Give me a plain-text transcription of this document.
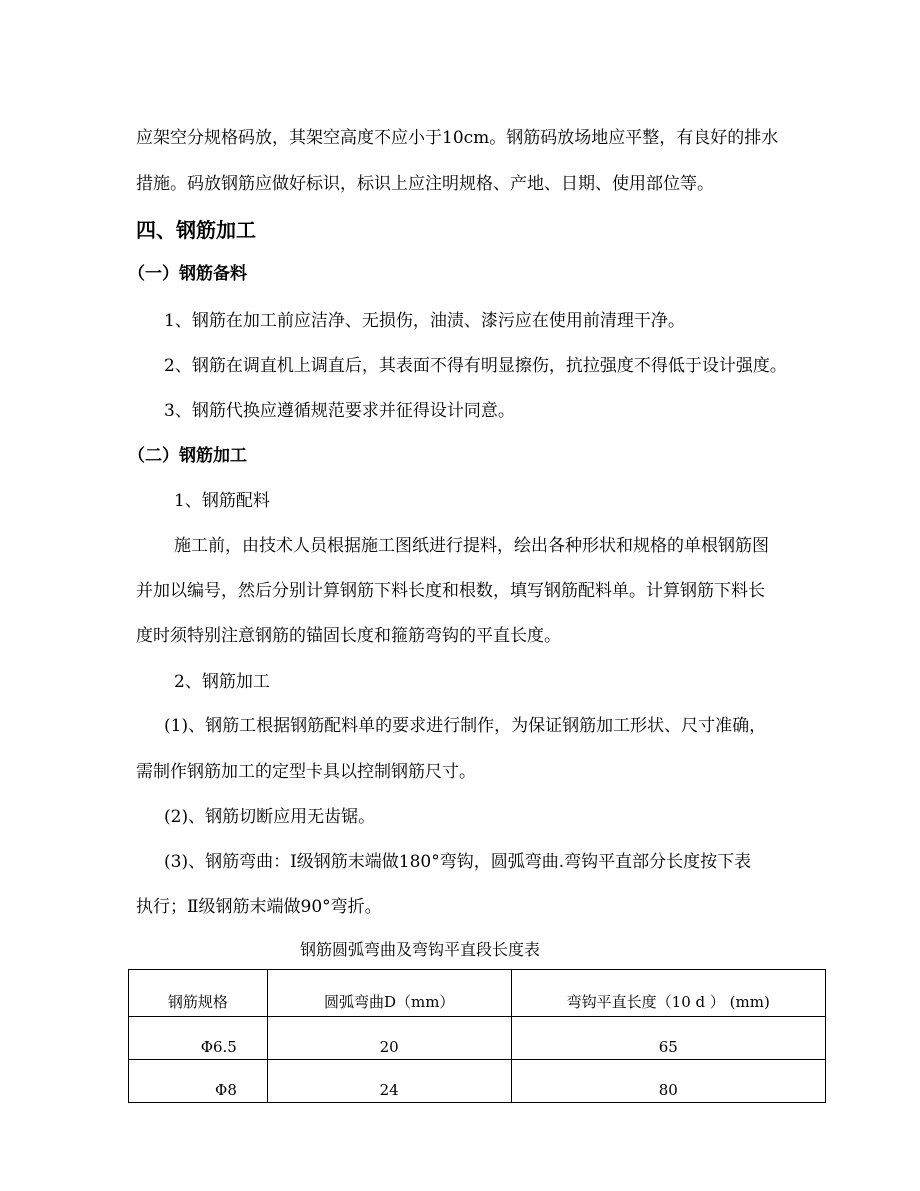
应架空分规格码放，其架空高度不应小于10cm。钢筋码放场地应平整，有良好的排水
措施。码放钢筋应做好标识，标识上应注明规格、产地、日期、使用部位等。
四、钢筋加工
（一）钢筋备料
1、钢筋在加工前应洁净、无损伤，油渍、漆污应在使用前清理干净。
2、钢筋在调直机上调直后，其表面不得有明显擦伤，抗拉强度不得低于设计强度。
3、钢筋代换应遵循规范要求并征得设计同意。
（二）钢筋加工
1、钢筋配料
施工前，由技术人员根据施工图纸进行提料，绘出各种形状和规格的单根钢筋图
并加以编号，然后分别计算钢筋下料长度和根数，填写钢筋配料单。计算钢筋下料长
度时须特别注意钢筋的锚固长度和箍筋弯钩的平直长度。
2、钢筋加工
(1)、钢筋工根据钢筋配料单的要求进行制作，为保证钢筋加工形状、尺寸准确，
需制作钢筋加工的定型卡具以控制钢筋尺寸。
(2)、钢筋切断应用无齿锯。
(3)、钢筋弯曲：Ⅰ级钢筋末端做180°弯钩，圆弧弯曲.弯钩平直部分长度按下表
执行；Ⅱ级钢筋末端做90°弯折。
钢筋圆弧弯曲及弯钩平直段长度表
钢筋规格	圆弧弯曲D（mm）	弯钩平直长度（10 d ） (mm)
Φ6.5	20	65
Φ8	24	80
